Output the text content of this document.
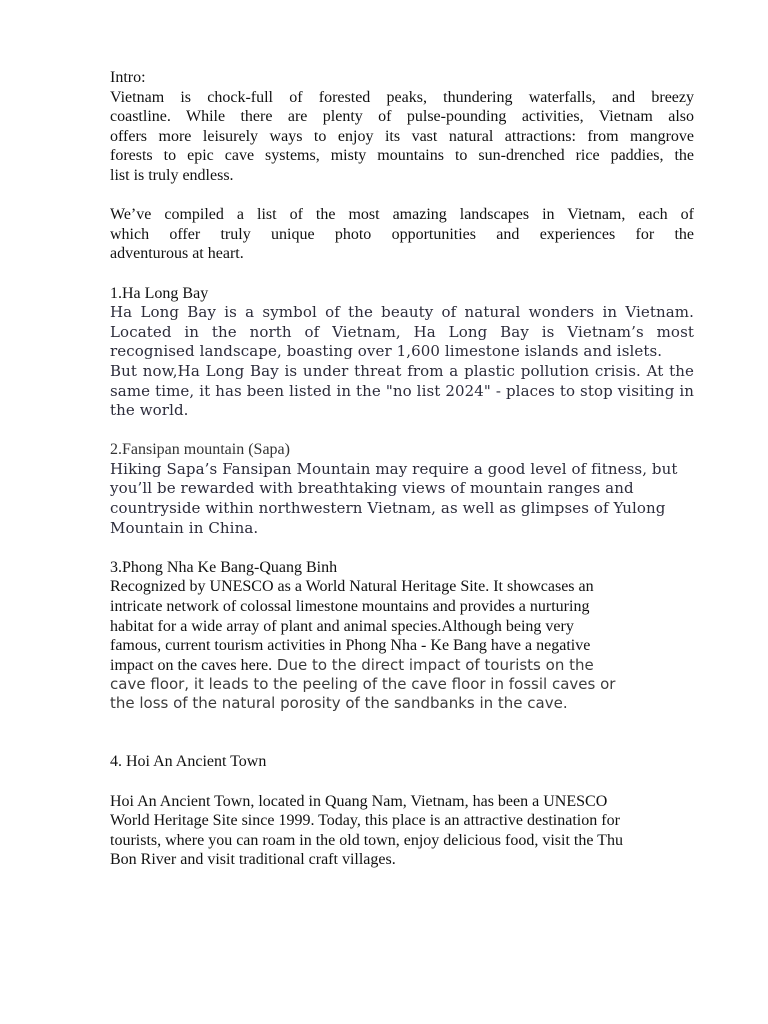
Intro:
Vietnam is chock-full of forested peaks, thundering waterfalls, and breezy
coastline. While there are plenty of pulse-pounding activities, Vietnam also
offers more leisurely ways to enjoy its vast natural attractions: from mangrove
forests to epic cave systems, misty mountains to sun-drenched rice paddies, the
list is truly endless.
We’ve compiled a list of the most amazing landscapes in Vietnam, each of
which offer truly unique photo opportunities and experiences for the
adventurous at heart.
1.Ha Long Bay
Ha Long Bay is a symbol of the beauty of natural wonders in Vietnam.
Located in the north of Vietnam, Ha Long Bay is Vietnam’s most
recognised landscape, boasting over 1,600 limestone islands and islets.
But now,Ha Long Bay is under threat from a plastic pollution crisis. At the
same time, it has been listed in the "no list 2024" - places to stop visiting in
the world.
2.Fansipan mountain (Sapa)
Hiking Sapa’s Fansipan Mountain may require a good level of fitness, but
you’ll be rewarded with breathtaking views of mountain ranges and
countryside within northwestern Vietnam, as well as glimpses of Yulong
Mountain in China.
3.Phong Nha Ke Bang-Quang Binh
Recognized by UNESCO as a World Natural Heritage Site. It showcases an
intricate network of colossal limestone mountains and provides a nurturing
habitat for a wide array of plant and animal species.Although being very
famous, current tourism activities in Phong Nha - Ke Bang have a negative
impact on the caves here. Due to the direct impact of tourists on the
cave floor, it leads to the peeling of the cave floor in fossil caves or
the loss of the natural porosity of the sandbanks in the cave.
4. Hoi An Ancient Town
Hoi An Ancient Town, located in Quang Nam, Vietnam, has been a UNESCO
World Heritage Site since 1999. Today, this place is an attractive destination for
tourists, where you can roam in the old town, enjoy delicious food, visit the Thu
Bon River and visit traditional craft villages.
